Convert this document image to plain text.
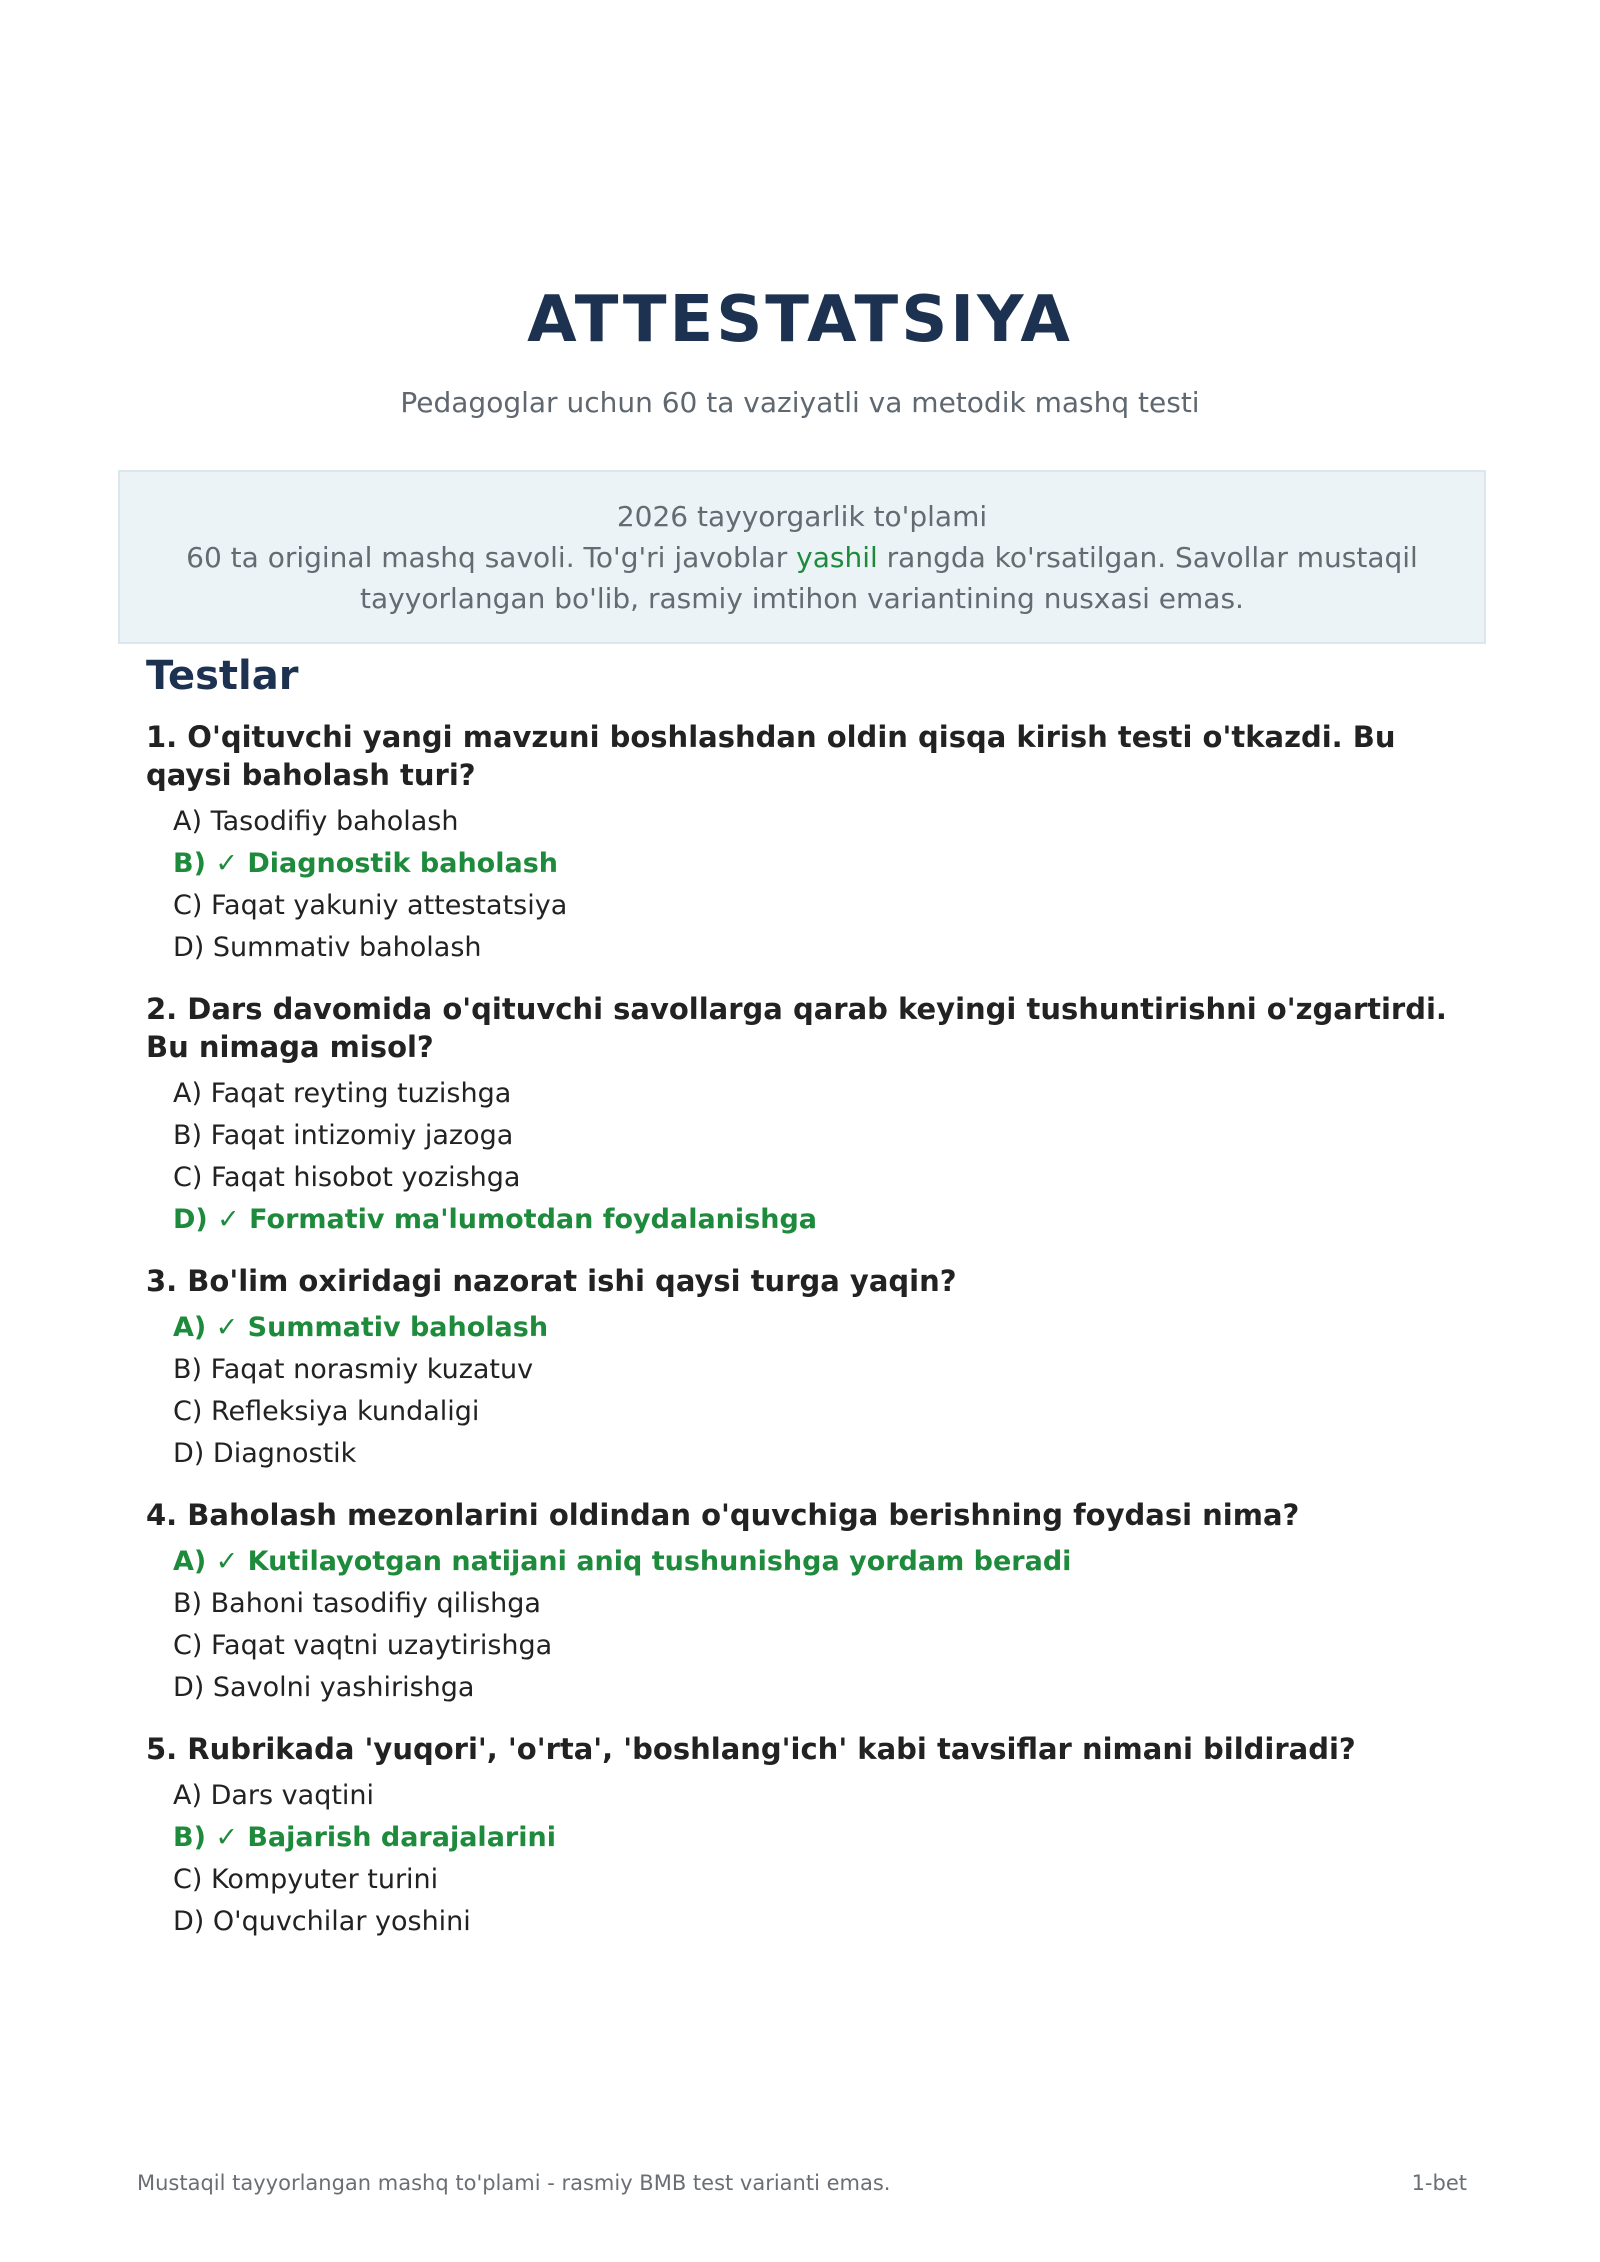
ATTESTATSIYA

Pedagoglar uchun 60 ta vaziyatli va metodik mashq testi

2026 tayyorgarlik to'plami
60 ta original mashq savoli. To'g'ri javoblar yashil rangda ko'rsatilgan. Savollar mustaqil tayyorlangan bo'lib, rasmiy imtihon variantining nusxasi emas.
Testlar

1. O'qituvchi yangi mavzuni boshlashdan oldin qisqa kirish testi o'tkazdi. Bu qaysi baholash turi?

A) Tasodifiy baholash
B) ✓ Diagnostik baholash
C) Faqat yakuniy attestatsiya
D) Summativ baholash

2. Dars davomida o'qituvchi savollarga qarab keyingi tushuntirishni o'zgartirdi. Bu nimaga misol?

A) Faqat reyting tuzishga
B) Faqat intizomiy jazoga
C) Faqat hisobot yozishga
D) ✓ Formativ ma'lumotdan foydalanishga

3. Bo'lim oxiridagi nazorat ishi qaysi turga yaqin?

A) ✓ Summativ baholash
B) Faqat norasmiy kuzatuv
C) Refleksiya kundaligi
D) Diagnostik

4. Baholash mezonlarini oldindan o'quvchiga berishning foydasi nima?

A) ✓ Kutilayotgan natijani aniq tushunishga yordam beradi
B) Bahoni tasodifiy qilishga
C) Faqat vaqtni uzaytirishga
D) Savolni yashirishga

5. Rubrikada 'yuqori', 'o'rta', 'boshlang'ich' kabi tavsiflar nimani bildiradi?

A) Dars vaqtini
B) ✓ Bajarish darajalarini
C) Kompyuter turini
D) O'quvchilar yoshini
Mustaqil tayyorlangan mashq to'plami - rasmiy BMB test varianti emas.	1-bet
